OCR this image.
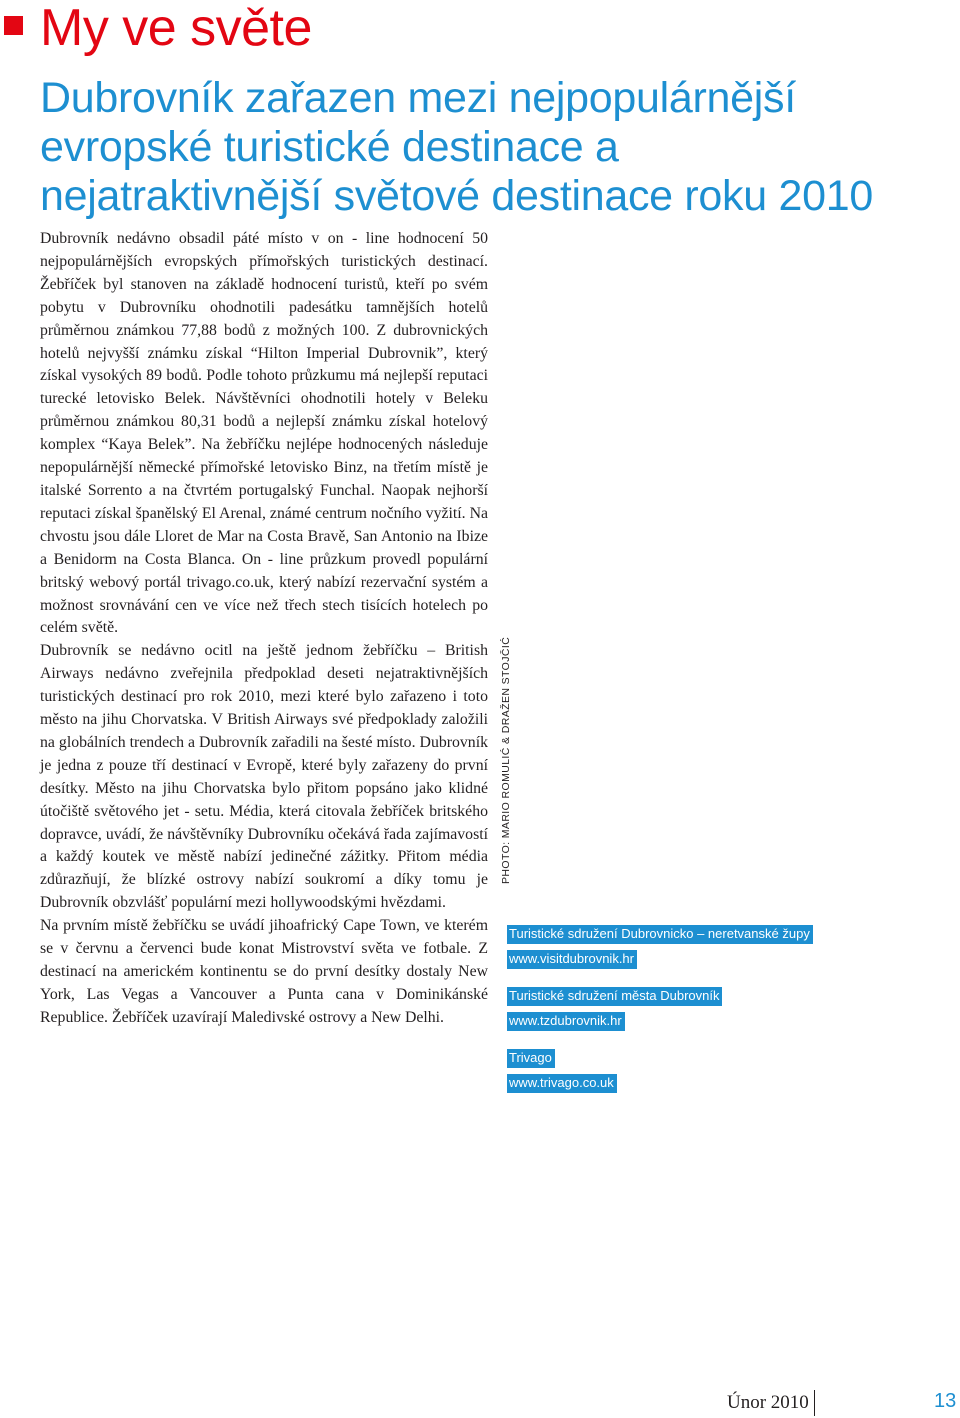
My ve světe
Dubrovník zařazen mezi nejpopulárnější
evropské turistické destinace a
nejatraktivnější světové destinace roku 2010

Dubrovník nedávno obsadil páté místo v on - line hodnocení 50 nejpopulárnějších evropských přímořských turistických destinací. Žebříček byl stanoven na základě hodnocení turistů, kteří po svém pobytu v Dubrovníku ohodnotili padesátku tamnějších hotelů průměrnou známkou 77,88 bodů z možných 100. Z dubrovnických hotelů nejvyšší známku získal “Hilton Imperial Dubrovnik”, který získal vysokých 89 bodů. Podle tohoto průzkumu má nejlepší reputaci turecké letovisko Belek. Návštěvníci ohodnotili hotely v Beleku průměrnou známkou 80,31 bodů a nejlepší známku získal hotelový komplex “Kaya Belek”. Na žebříčku nejlépe hodnocených následuje nepopulárnější německé přímořské letovisko Binz, na třetím místě je italské Sorrento a na čtvrtém portugalský Funchal. Naopak nejhorší reputaci získal španělský El Arenal, známé centrum nočního vyžití. Na chvostu jsou dále Lloret de Mar na Costa Bravě, San Antonio na Ibize a Benidorm na Costa Blanca. On - line průzkum provedl populární britský webový portál trivago.co.uk, který nabízí rezervační systém a možnost srovnávání cen ve více než třech stech tisících hotelech po celém světě.

Dubrovník se nedávno ocitl na ještě jednom žebříčku – British Airways nedávno zveřejnila předpoklad deseti nejatraktivnějších turistických destinací pro rok 2010, mezi které bylo zařazeno i toto město na jihu Chorvatska. V British Airways své předpoklady založili na globálních trendech a Dubrovník zařadili na šesté místo. Dubrovník je jedna z pouze tří destinací v Evropě, které byly zařazeny do první desítky. Město na jihu Chorvatska bylo přitom popsáno jako klidné útočiště světového jet - setu. Média, která citovala žebříček britského dopravce, uvádí, že návštěvníky Dubrovníku očekává řada zajímavostí a každý koutek ve městě nabízí jedinečné zážitky. Přitom média zdůrazňují, že blízké ostrovy nabízí soukromí a díky tomu je Dubrovník obzvlášť populární mezi hollywoodskými hvězdami.

Na prvním místě žebříčku se uvádí jihoafrický Cape Town, ve kterém se v červnu a červenci bude konat Mistrovství světa ve fotbale. Z destinací na americkém kontinentu se do první desítky dostaly New York, Las Vegas a Vancouver a Punta cana v Dominikánské Republice. Žebříček uzavírají Maledivské ostrovy a New Delhi.

PHOTO: MARIO ROMULIĆ & DRAŽEN STOJČIĆ
Turistické sdružení Dubrovnicko – neretvanské župy
www.visitdubrovnik.hr
Turistické sdružení města Dubrovník
www.tzdubrovnik.hr
Trivago
www.trivago.co.uk
Únor 2010	13
